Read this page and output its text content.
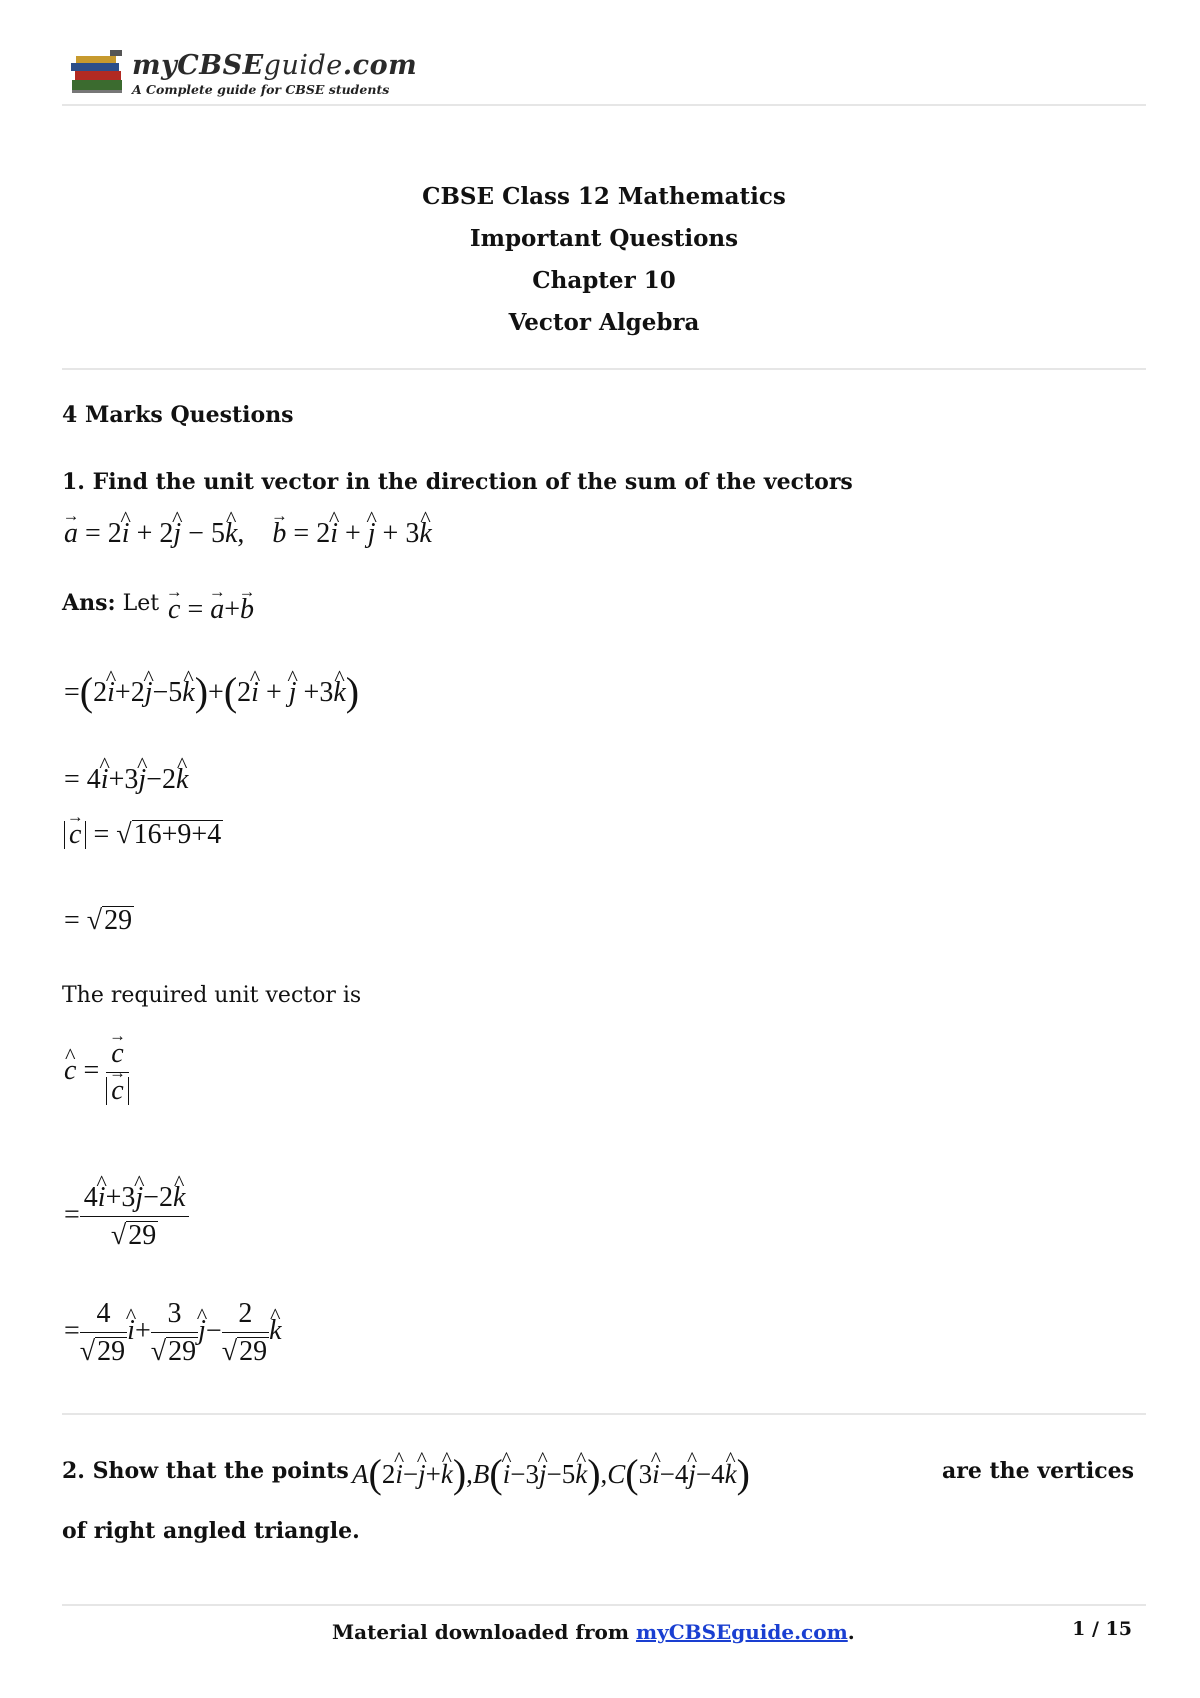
myCBSEguide.com
A Complete guide for CBSE students
CBSE Class 12 Mathematics
Important Questions
Chapter 10
Vector Algebra
4 Marks Questions
1. Find the unit vector in the direction of the sum of the vectors
→ a = 2^ i + 2^ j − 5^ k, → b = 2^ i + ^ j + 3^ k
Ans: Let → c = → a+→ b
=(2^ i+2^ j−5^ k)+(2^ i + ^ j +3^ k)
= 4^ i+3^ j−2^ k
→ c = √16+9+4
= √29
The required unit vector is
^ c = → c
→ c
= $\frac{4\^{} i+3\^{} j-2\^{} k}{√29}$
= $\frac{4}{√29}$ ^ $i+ \frac{3}{√29}$ ^ $j- \frac{2}{√29}$ ^ k
2. Show that the points A(2^ i−^ j+^ k),B(^ i−3^ j−5^ k),C(3^ i−4^ j−4^ k)	are the vertices
of right angled triangle.
Material downloaded from myCBSEguide.com.	1 / 15
